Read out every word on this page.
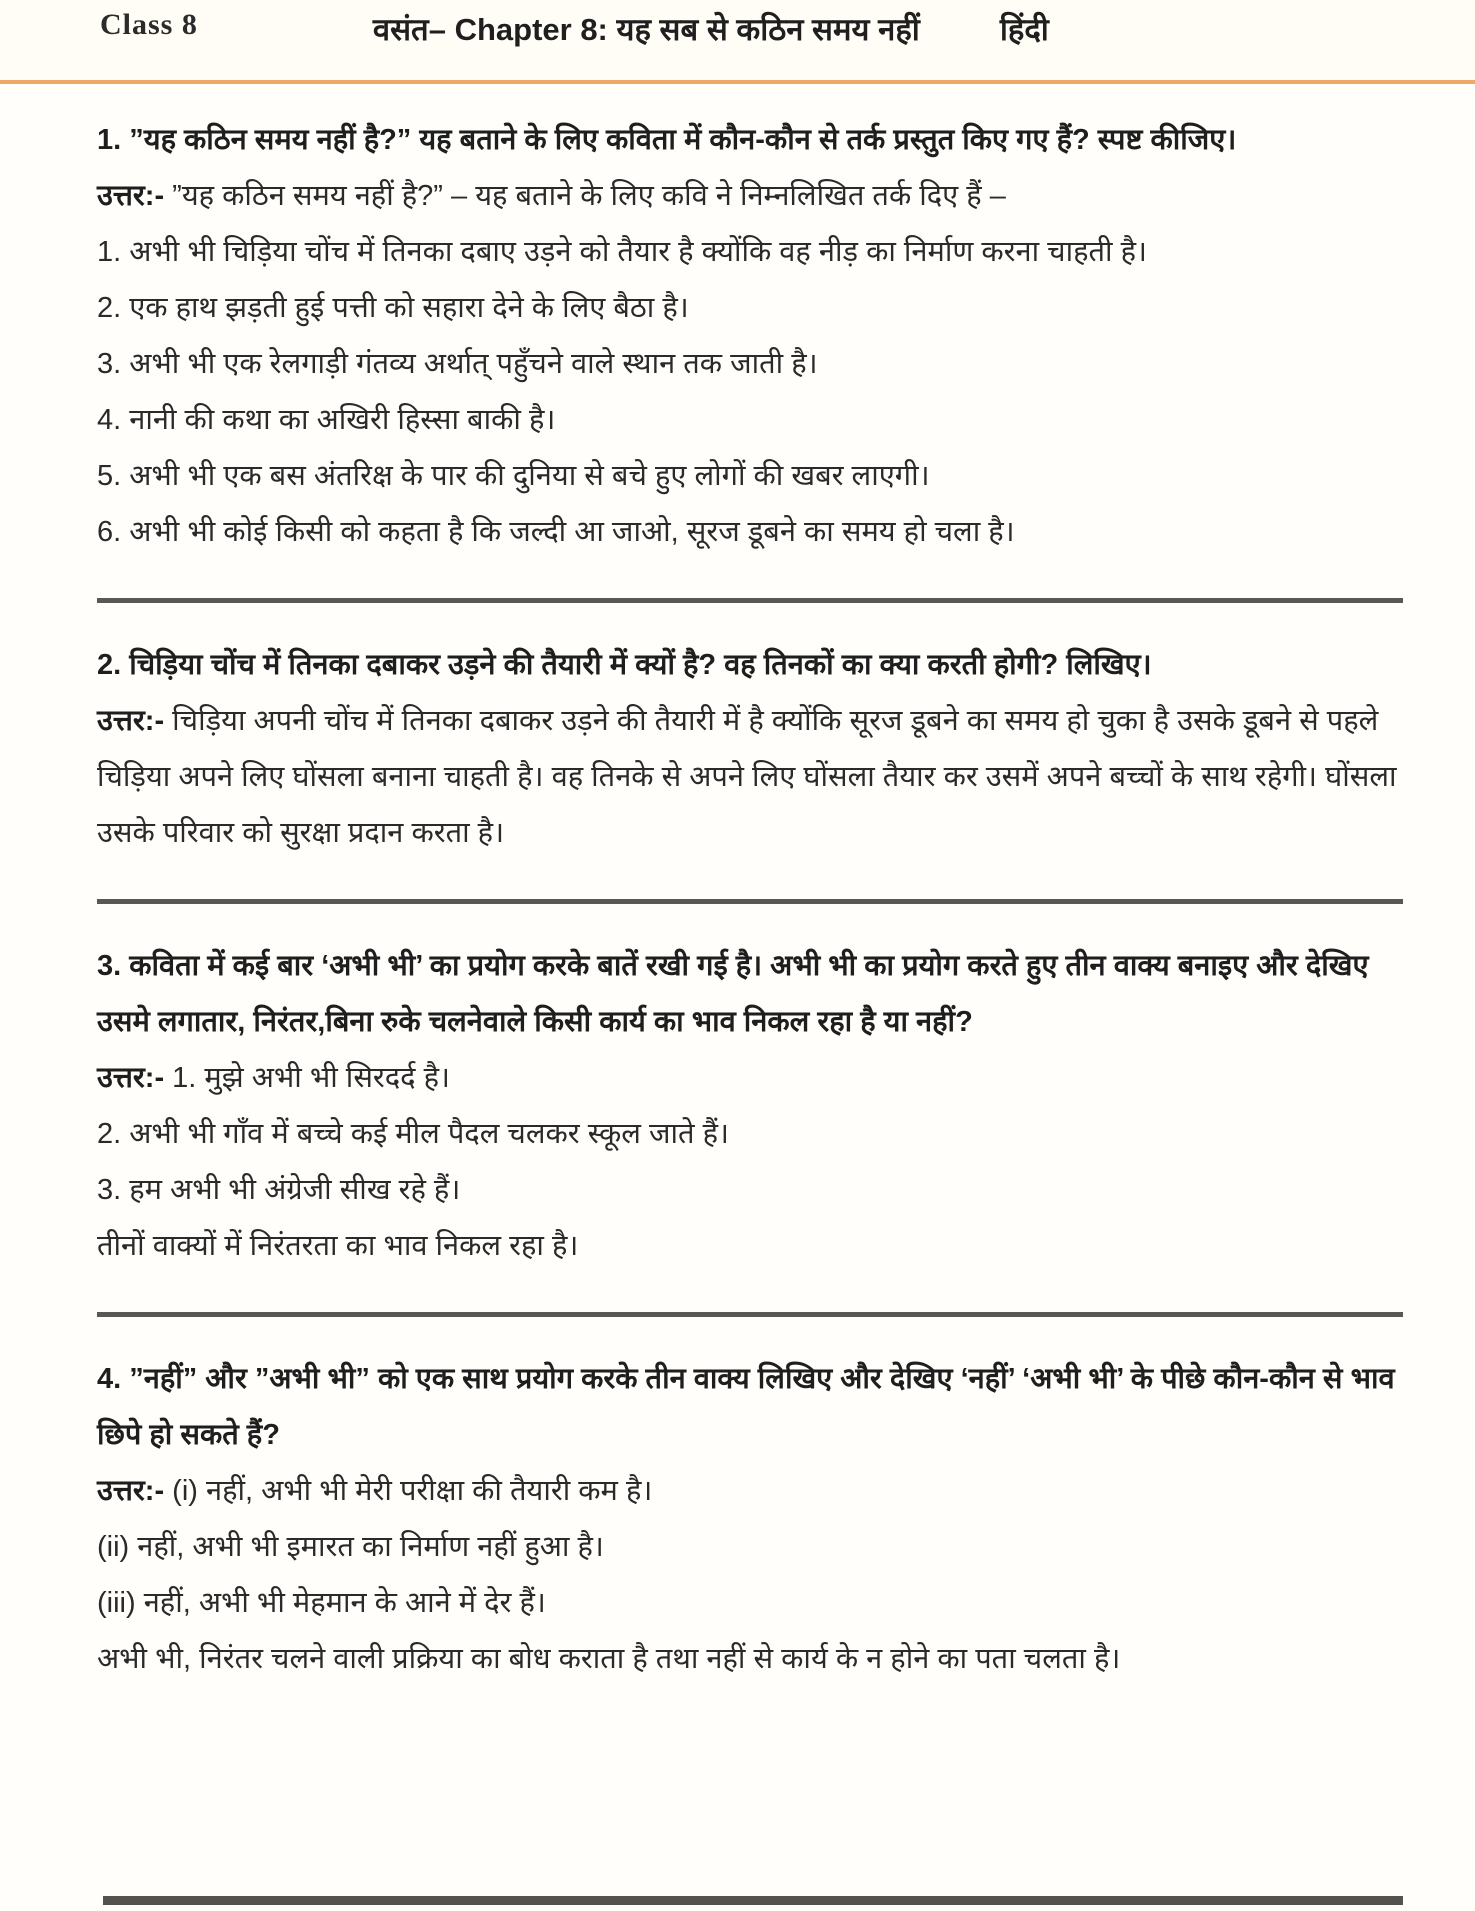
Class 8	वसंत– Chapter 8: यह सब से कठिन समय नहीं	हिंदी
1. ”यह कठिन समय नहीं है?” यह बताने के लिए कविता में कौन-कौन से तर्क प्रस्तुत किए गए हैं? स्पष्ट कीजिए।

उत्तर:- ”यह कठिन समय नहीं है?” – यह बताने के लिए कवि ने निम्नलिखित तर्क दिए हैं –

1. अभी भी चिड़िया चोंच में तिनका दबाए उड़ने को तैयार है क्योंकि वह नीड़ का निर्माण करना चाहती है।

2. एक हाथ झड़ती हुई पत्ती को सहारा देने के लिए बैठा है।

3. अभी भी एक रेलगाड़ी गंतव्य अर्थात् पहुँचने वाले स्थान तक जाती है।

4. नानी की कथा का अखिरी हिस्सा बाकी है।

5. अभी भी एक बस अंतरिक्ष के पार की दुनिया से बचे हुए लोगों की खबर लाएगी।

6. अभी भी कोई किसी को कहता है कि जल्दी आ जाओ, सूरज डूबने का समय हो चला है।

2. चिड़िया चोंच में तिनका दबाकर उड़ने की तैयारी में क्यों है? वह तिनकों का क्या करती होगी? लिखिए।

उत्तर:- चिड़िया अपनी चोंच में तिनका दबाकर उड़ने की तैयारी में है क्योंकि सूरज डूबने का समय हो चुका है उसके डूबने से पहले चिड़िया अपने लिए घोंसला बनाना चाहती है। वह तिनके से अपने लिए घोंसला तैयार कर उसमें अपने बच्चों के साथ रहेगी। घोंसला उसके परिवार को सुरक्षा प्रदान करता है।

3. कविता में कई बार ‘अभी भी’ का प्रयोग करके बातें रखी गई है। अभी भी का प्रयोग करते हुए तीन वाक्य बनाइए और देखिए उसमे लगातार, निरंतर,बिना रुके चलनेवाले किसी कार्य का भाव निकल रहा है या नहीं?

उत्तर:- 1. मुझे अभी भी सिरदर्द है।

2. अभी भी गाँव में बच्चे कई मील पैदल चलकर स्कूल जाते हैं।

3. हम अभी भी अंग्रेजी सीख रहे हैं।

तीनों वाक्यों में निरंतरता का भाव निकल रहा है।

4. ”नहीं” और ”अभी भी” को एक साथ प्रयोग करके तीन वाक्य लिखिए और देखिए ‘नहीं’ ‘अभी भी’ के पीछे कौन-कौन से भाव छिपे हो सकते हैं?

उत्तर:- (i) नहीं, अभी भी मेरी परीक्षा की तैयारी कम है।

(ii) नहीं, अभी भी इमारत का निर्माण नहीं हुआ है।

(iii) नहीं, अभी भी मेहमान के आने में देर हैं।

अभी भी, निरंतर चलने वाली प्रक्रिया का बोध कराता है तथा नहीं से कार्य के न होने का पता चलता है।
